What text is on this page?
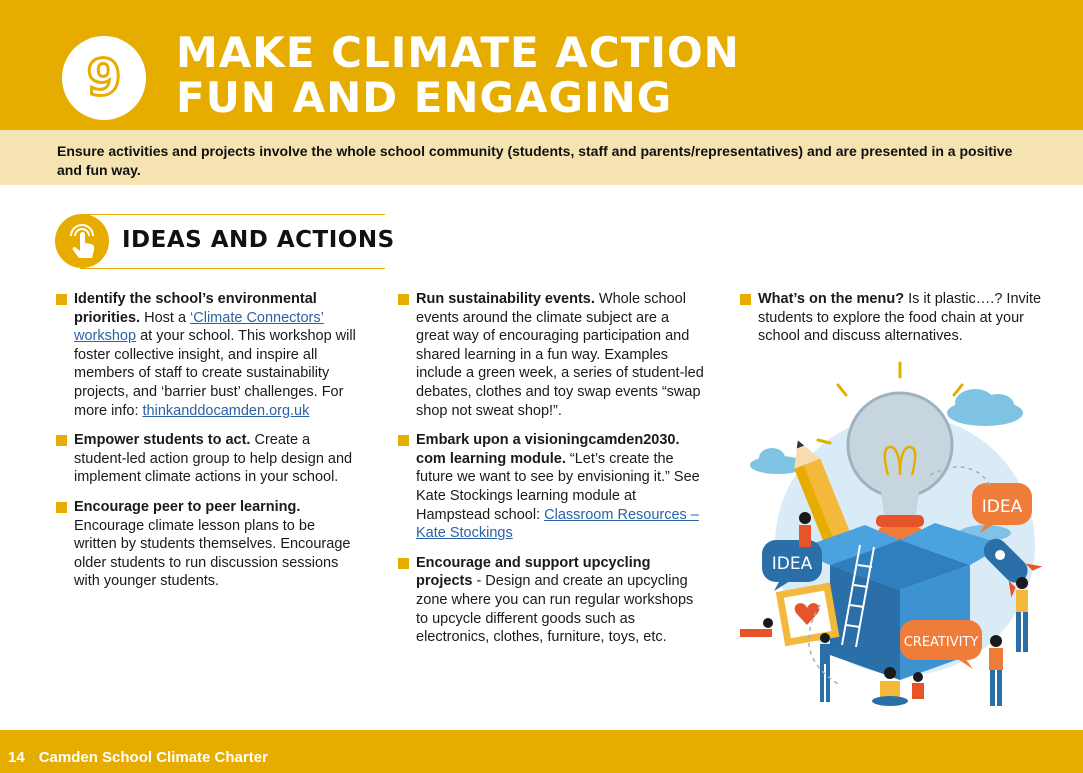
9 MAKE CLIMATE ACTION
FUN AND ENGAGING

Ensure activities and projects involve the whole school community (students, staff and parents/representatives) and are presented in a positive and fun way.

IDEAS AND ACTIONS
Identify the school’s environmental priorities. Host a ‘Climate Connectors’ workshop at your school. This workshop will foster collective insight, and inspire all members of staff to create sustainability projects, and ‘barrier bust’ challenges. For more info: thinkanddocamden.org.uk
Empower students to act. Create a student-led action group to help design and implement climate actions in your school.
Encourage peer to peer learning. Encourage climate lesson plans to be written by students themselves. Encourage older students to run discussion sessions with younger students.
Run sustainability events. Whole school events around the climate subject are a great way of encouraging participation and shared learning in a fun way. Examples include a green week, a series of student-led debates, clothes and toy swap events “swap shop not sweat shop!”.
Embark upon a visioningcamden2030. com learning module. “Let’s create the future we want to see by envisioning it.” See Kate Stockings learning module at Hampstead school: Classroom Resources – Kate Stockings
Encourage and support upcycling projects - Design and create an upcycling zone where you can run regular workshops to upcycle different goods such as electronics, clothes, furniture, toys, etc.
What’s on the menu? Is it plastic….? Invite students to explore the food chain at your school and discuss alternatives.
IDEA
IDEA
CREATIVITY
14 Camden School Climate Charter
